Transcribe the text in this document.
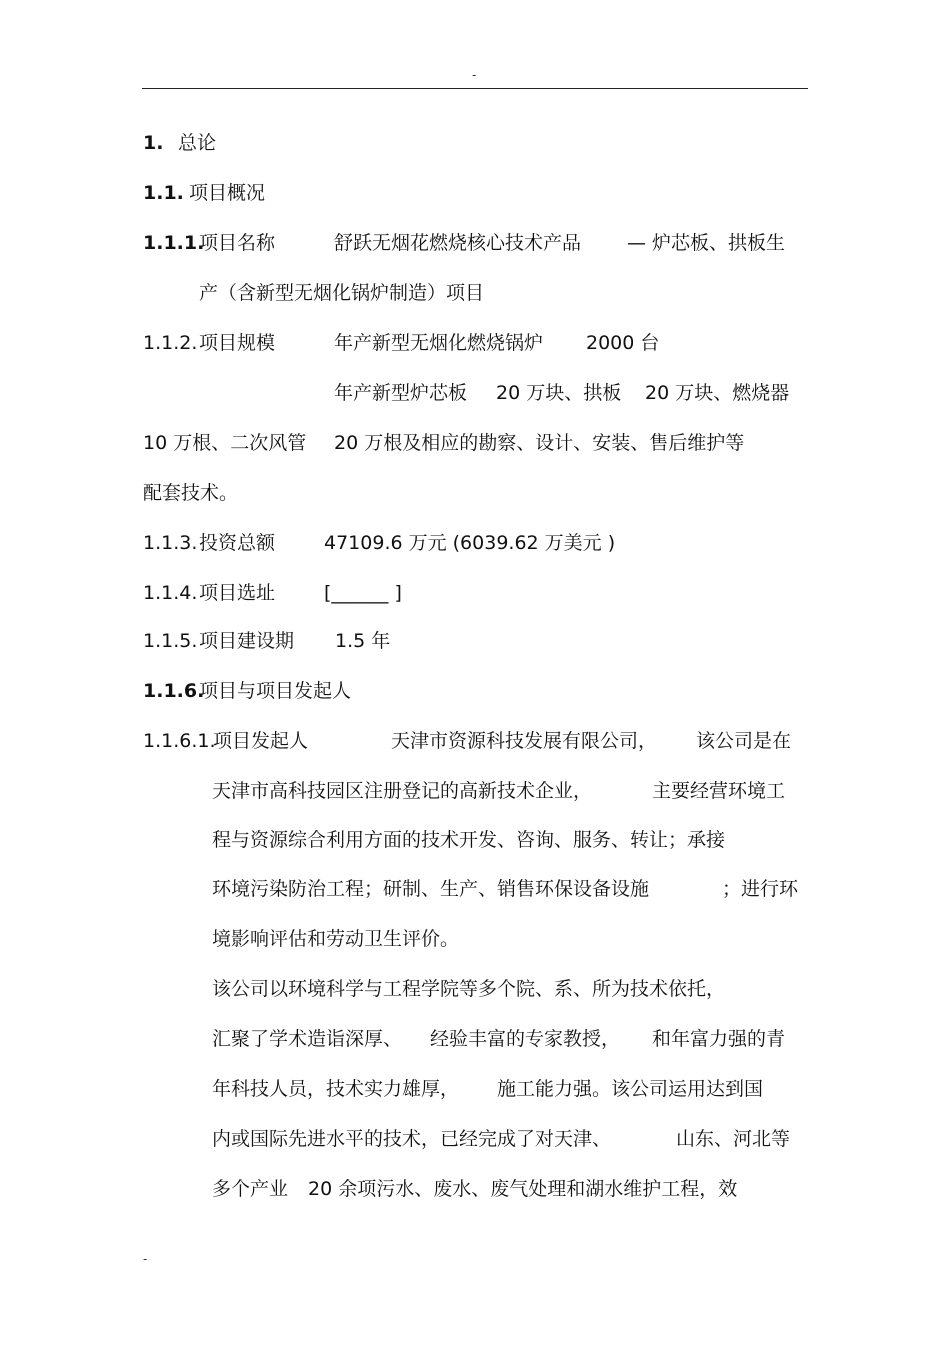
-
1. 总论
1.1. 项目概况
1.1.1.
项目名称	舒跃无烟花燃烧核心技术产品 — 炉芯板、拱板生
产（含新型无烟化锅炉制造）项目
1.1.2. 项目规模	年产新型无烟化燃烧锅炉 2000 台
年产新型炉芯板 20 万块、拱板 20 万块、燃烧器
10 万根、二次风管 20 万根及相应的勘察、设计、安装、售后维护等
配套技术。
1.1.3. 投资总额	47109.6 万元 (6039.62 万美元 )
1.1.4. 项目选址	[______ ]
1.1.5. 项目建设期 1.5 年
1.1.6.
项目与项目发起人
1.1.6.1.
项目发起人	天津市资源科技发展有限公司， 该公司是在
天津市高科技园区注册登记的高新技术企业，	主要经营环境工
程与资源综合利用方面的技术开发、咨询、服务、转让；承接
环境污染防治工程；研制、生产、销售环保设备设施	；进行环
境影响评估和劳动卫生评价。
该公司以环境科学与工程学院等多个院、系、所为技术依托，
汇聚了学术造诣深厚、 经验丰富的专家教授， 和年富力强的青
年科技人员，技术实力雄厚， 施工能力强。该公司运用达到国
内或国际先进水平的技术，已经完成了对天津、	山东、河北等
多个产业 20 余项污水、废水、废气处理和湖水维护工程，效
-
